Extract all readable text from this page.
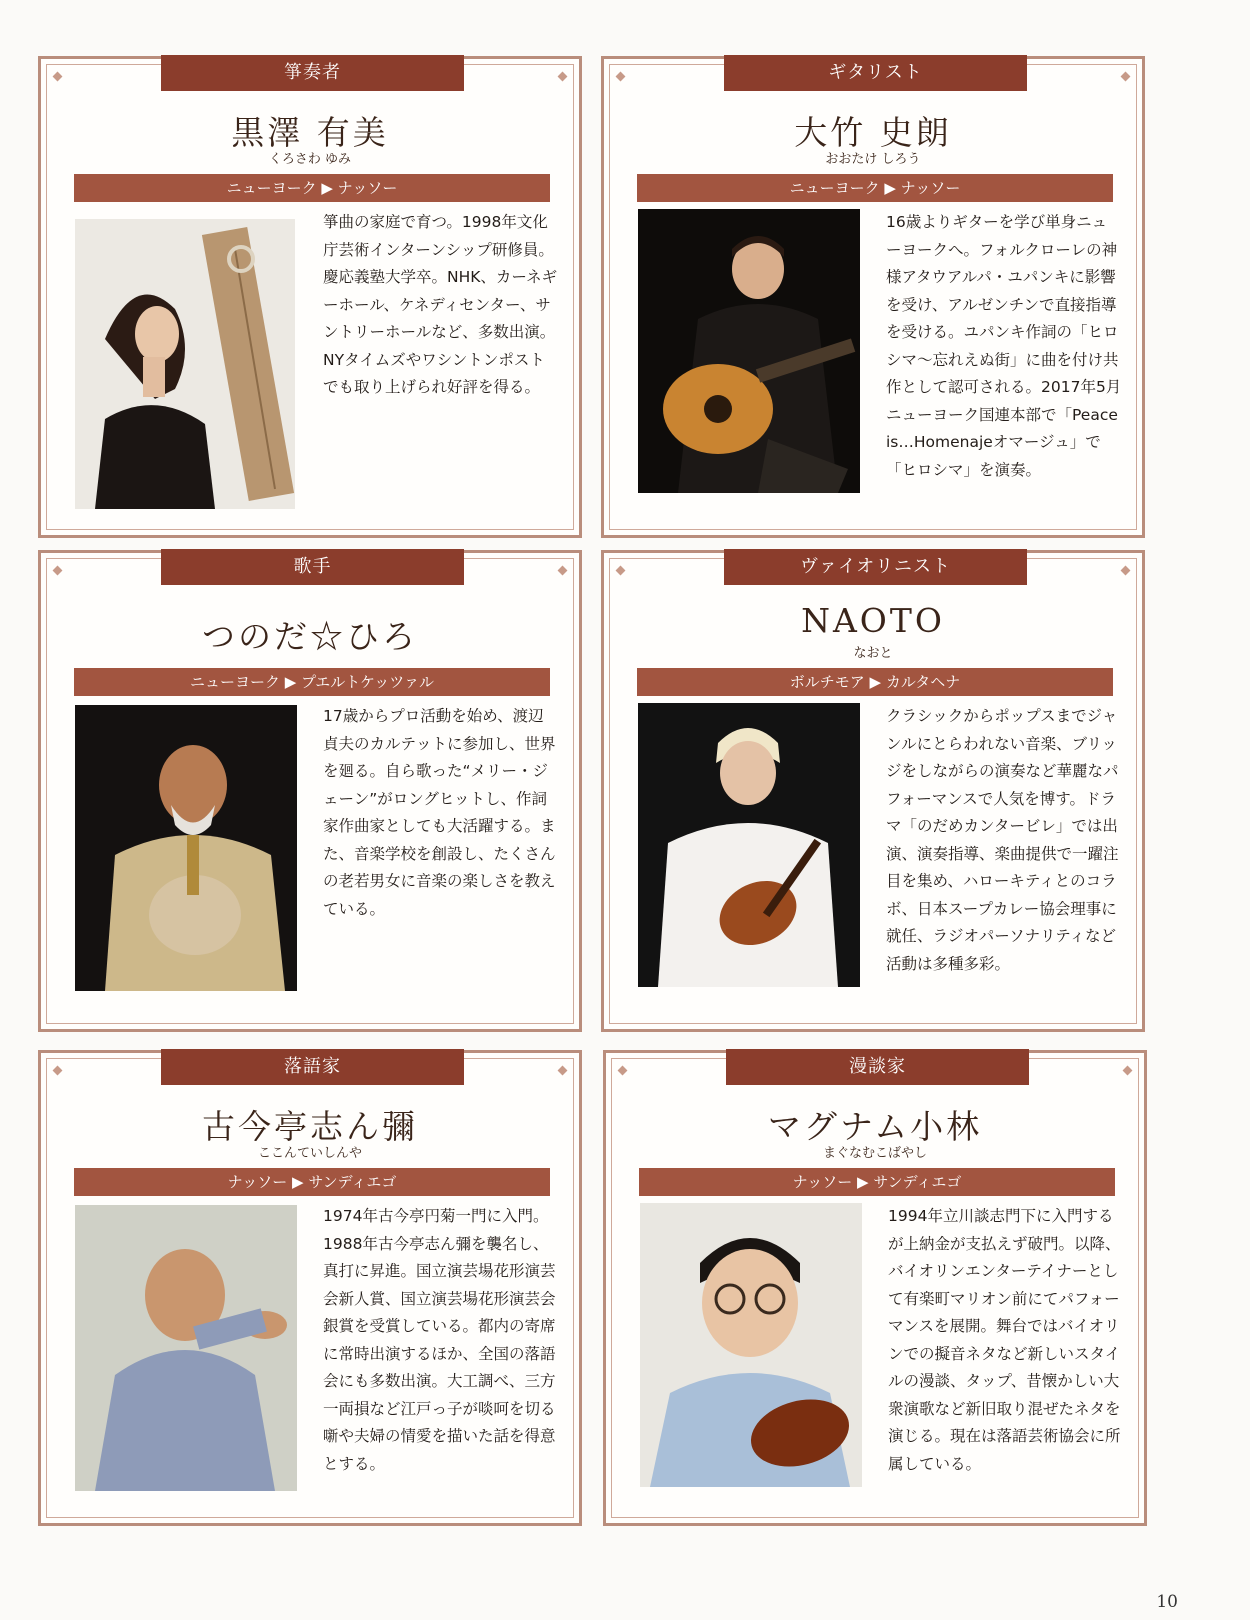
箏奏者
黒澤 有美
くろさわ ゆみ
ニューヨーク ▶ ナッソー
箏曲の家庭で育つ。1998年文化庁芸術インターンシップ研修員。慶応義塾大学卒。NHK、カーネギーホール、ケネディセンター、サントリーホールなど、多数出演。NYタイムズやワシントンポストでも取り上げられ好評を得る。
ギタリスト
大竹 史朗
おおたけ しろう
ニューヨーク ▶ ナッソー
16歳よりギターを学び単身ニューヨークへ。フォルクローレの神様アタウアルパ・ユパンキに影響を受け、アルゼンチンで直接指導を受ける。ユパンキ作詞の「ヒロシマ〜忘れえぬ街」に曲を付け共作として認可される。2017年5月ニューヨーク国連本部で「Peace is…Homenajeオマージュ」で「ヒロシマ」を演奏。
歌手
つのだ☆ひろ
ニューヨーク ▶ プエルトケッツァル
17歳からプロ活動を始め、渡辺貞夫のカルテットに参加し、世界を廻る。自ら歌った“メリー・ジェーン”がロングヒットし、作詞家作曲家としても大活躍する。また、音楽学校を創設し、たくさんの老若男女に音楽の楽しさを教えている。
ヴァイオリニスト
NAOTO
なおと
ボルチモア ▶ カルタヘナ
クラシックからポップスまでジャンルにとらわれない音楽、ブリッジをしながらの演奏など華麗なパフォーマンスで人気を博す。ドラマ「のだめカンタービレ」では出演、演奏指導、楽曲提供で一躍注目を集め、ハローキティとのコラボ、日本スープカレー協会理事に就任、ラジオパーソナリティなど活動は多種多彩。
落語家
古今亭志ん彌
ここんていしんや
ナッソー ▶ サンディエゴ
1974年古今亭円菊一門に入門。1988年古今亭志ん彌を襲名し、真打に昇進。国立演芸場花形演芸会新人賞、国立演芸場花形演芸会銀賞を受賞している。都内の寄席に常時出演するほか、全国の落語会にも多数出演。大工調べ、三方一両損など江戸っ子が啖呵を切る噺や夫婦の情愛を描いた話を得意とする。
漫談家
マグナム小林
まぐなむこばやし
ナッソー ▶ サンディエゴ
1994年立川談志門下に入門するが上納金が支払えず破門。以降、バイオリンエンターテイナーとして有楽町マリオン前にてパフォーマンスを展開。舞台ではバイオリンでの擬音ネタなど新しいスタイルの漫談、タップ、昔懐かしい大衆演歌など新旧取り混ぜたネタを演じる。現在は落語芸術協会に所属している。
10
